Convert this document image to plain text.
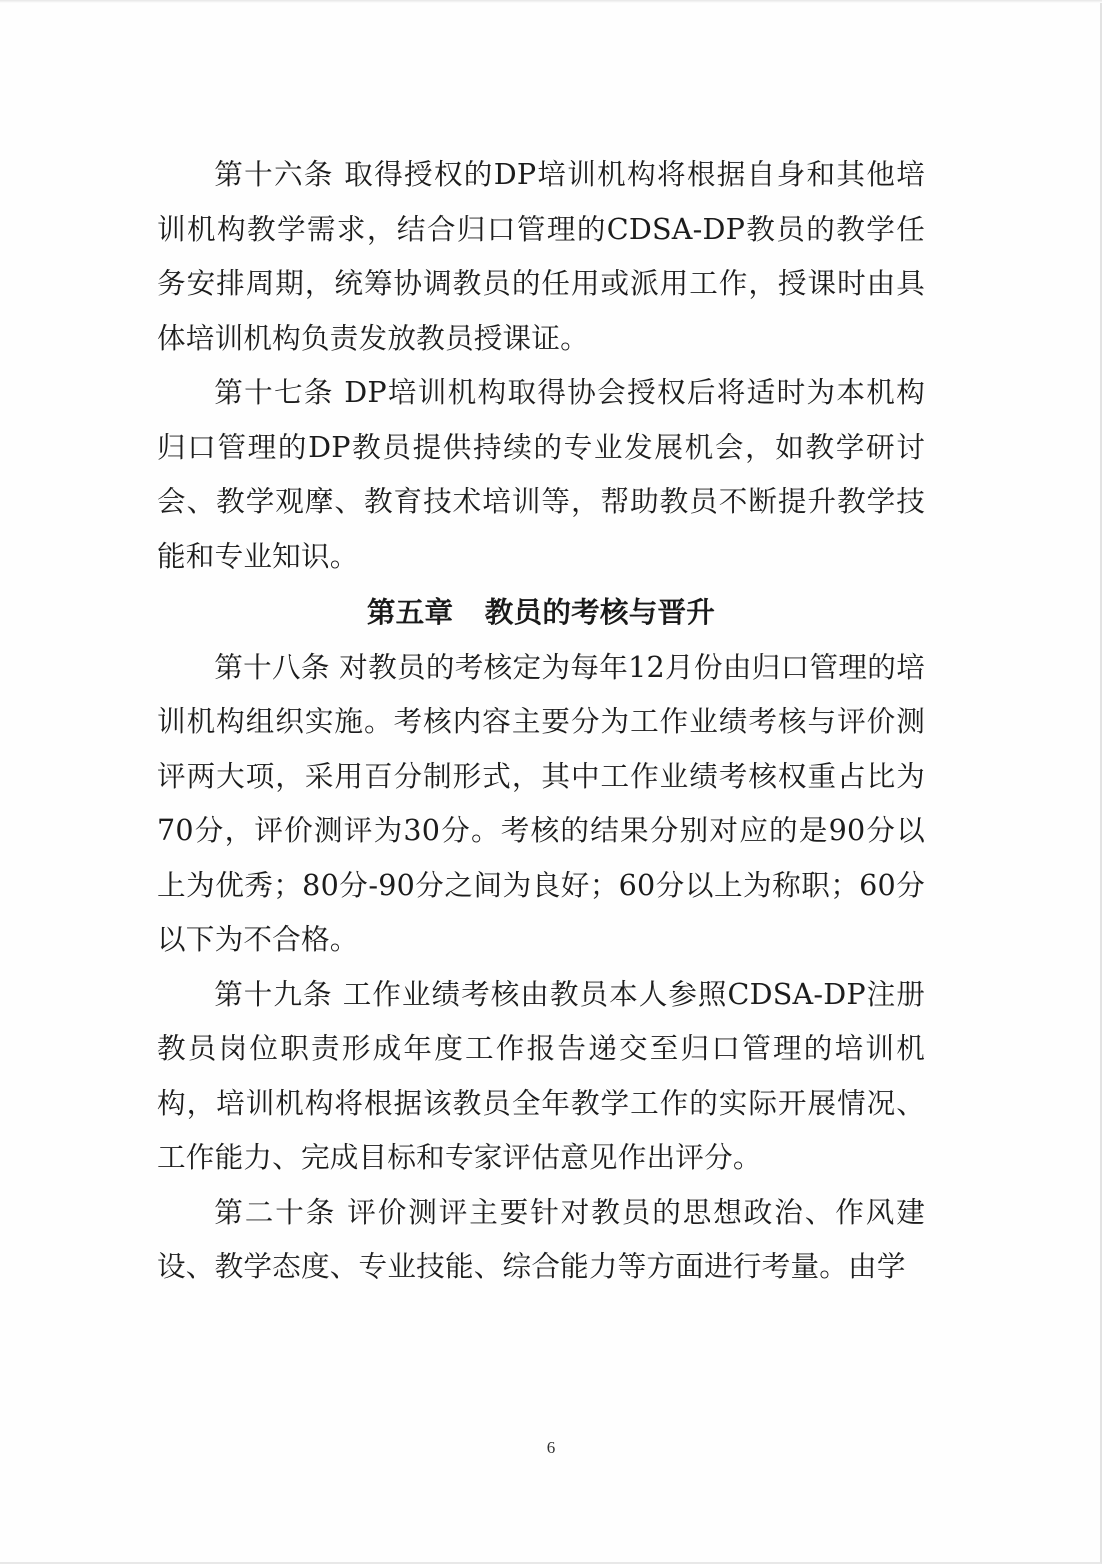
第十六条 取得授权的DP培训机构将根据自身和其他培训机构教学需求，结合归口管理的CDSA-DP教员的教学任务安排周期，统筹协调教员的任用或派用工作，授课时由具体培训机构负责发放教员授课证。

第十七条 DP培训机构取得协会授权后将适时为本机构归口管理的DP教员提供持续的专业发展机会，如教学研讨会、教学观摩、教育技术培训等，帮助教员不断提升教学技能和专业知识。

第五章 教员的考核与晋升

第十八条 对教员的考核定为每年12月份由归口管理的培训机构组织实施。考核内容主要分为工作业绩考核与评价测评两大项，采用百分制形式，其中工作业绩考核权重占比为70分，评价测评为30分。考核的结果分别对应的是90分以上为优秀；80分-90分之间为良好；60分以上为称职；60分以下为不合格。

第十九条 工作业绩考核由教员本人参照CDSA-DP注册教员岗位职责形成年度工作报告递交至归口管理的培训机构，培训机构将根据该教员全年教学工作的实际开展情况、工作能力、完成目标和专家评估意见作出评分。

第二十条 评价测评主要针对教员的思想政治、作风建设、教学态度、专业技能、综合能力等方面进行考量。由学

6
